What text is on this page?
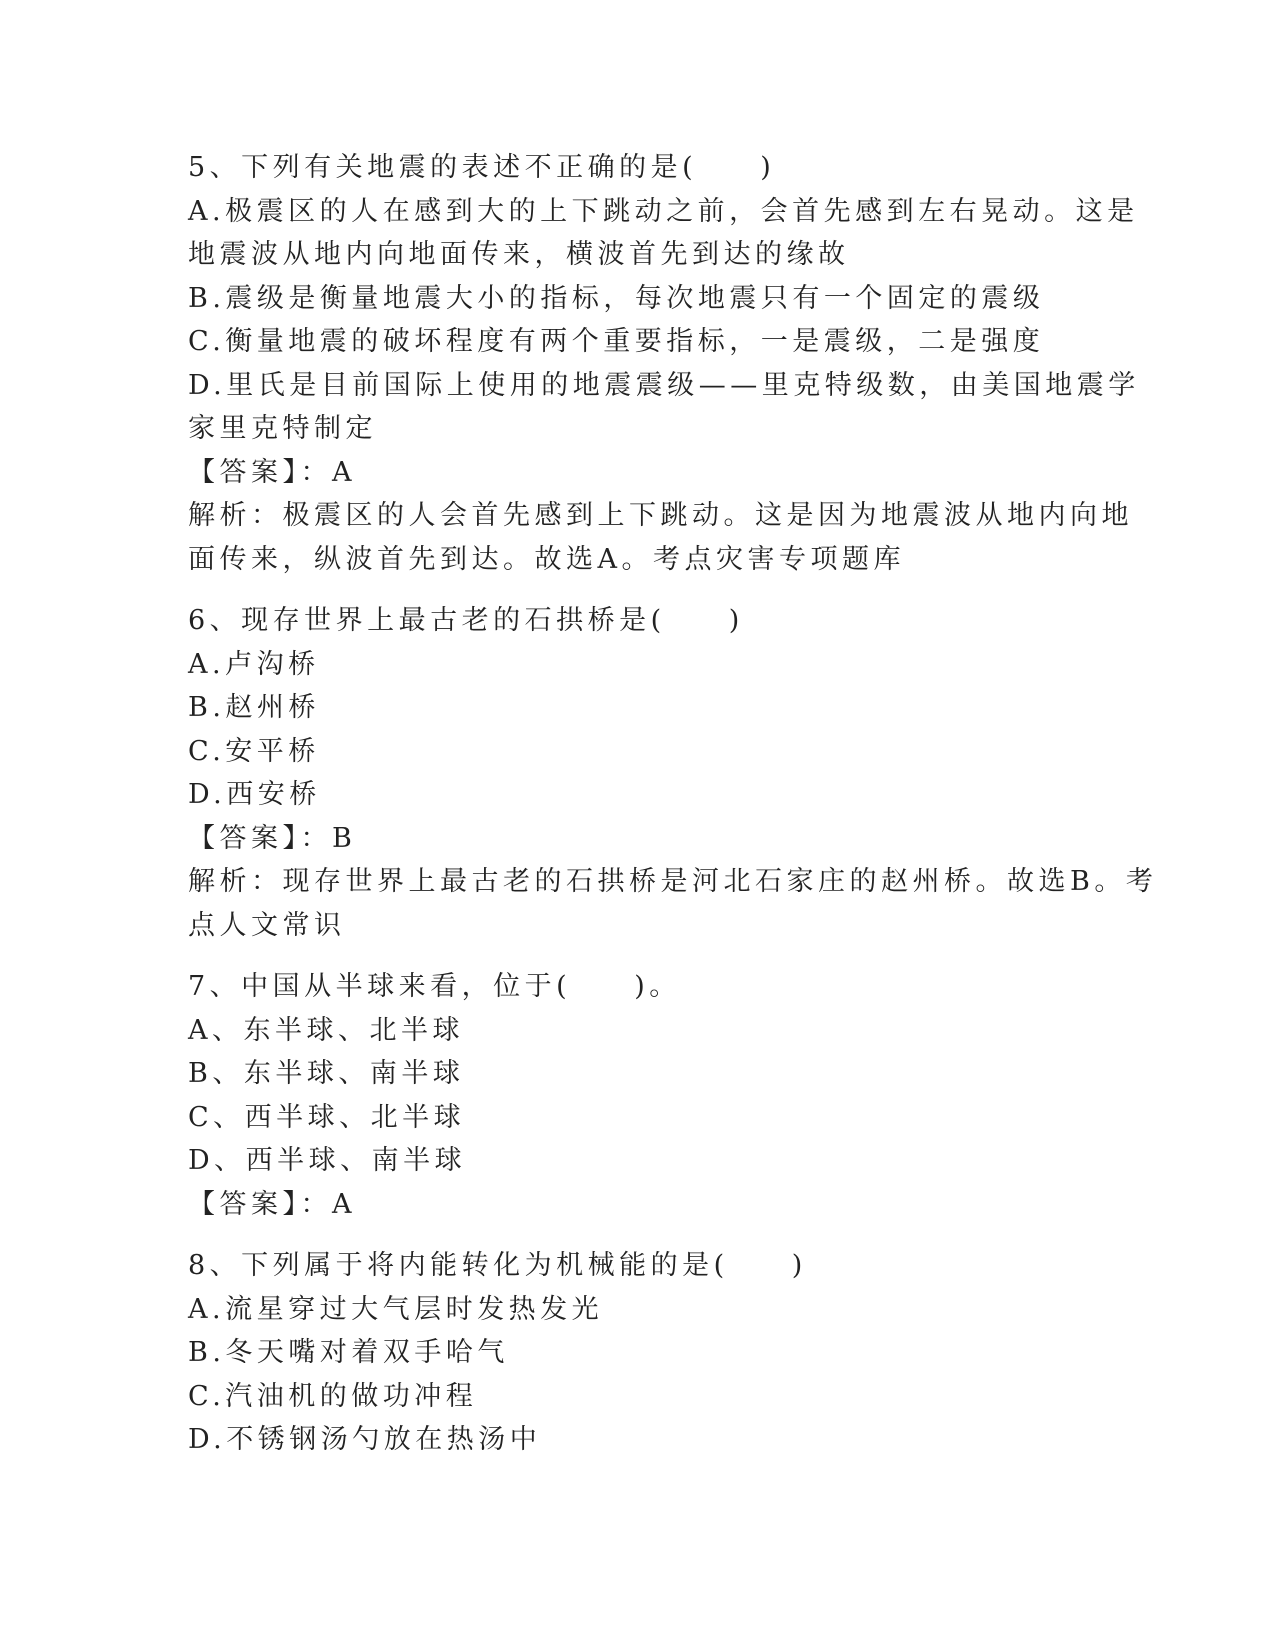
5、下列有关地震的表述不正确的是(　　)

A.极震区的人在感到大的上下跳动之前，会首先感到左右晃动。这是

地震波从地内向地面传来，横波首先到达的缘故

B.震级是衡量地震大小的指标，每次地震只有一个固定的震级

C.衡量地震的破坏程度有两个重要指标，一是震级，二是强度

D.里氏是目前国际上使用的地震震级——里克特级数，由美国地震学

家里克特制定

【答案】：A

解析：极震区的人会首先感到上下跳动。这是因为地震波从地内向地

面传来，纵波首先到达。故选A。考点灾害专项题库

6、现存世界上最古老的石拱桥是(　　)

A.卢沟桥

B.赵州桥

C.安平桥

D.西安桥

【答案】：B

解析：现存世界上最古老的石拱桥是河北石家庄的赵州桥。故选B。考

点人文常识

7、中国从半球来看，位于(　　)。

A、东半球、北半球

B、东半球、南半球

C、西半球、北半球

D、西半球、南半球

【答案】：A

8、下列属于将内能转化为机械能的是(　　)

A.流星穿过大气层时发热发光

B.冬天嘴对着双手哈气

C.汽油机的做功冲程

D.不锈钢汤勺放在热汤中
